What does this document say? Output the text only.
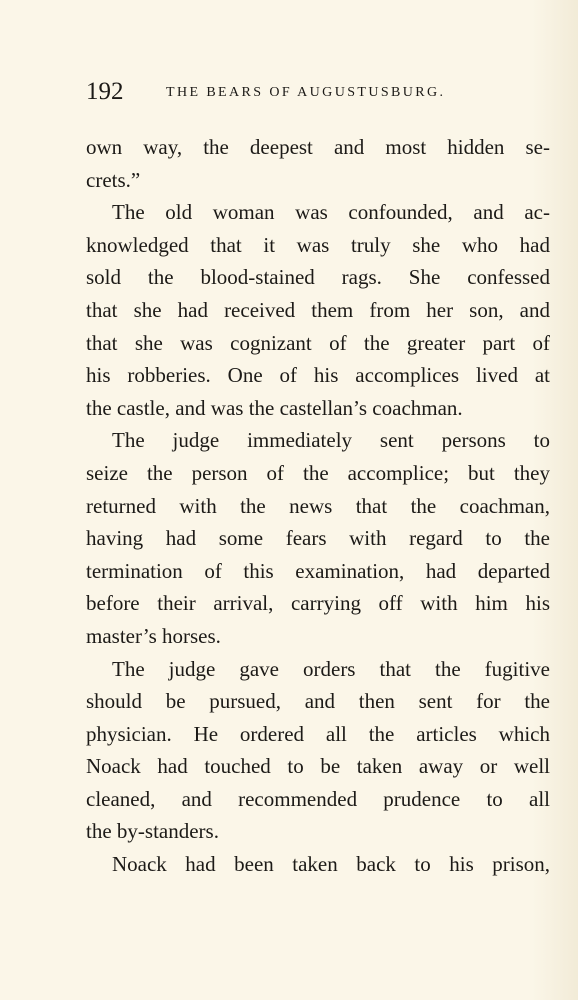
192	THE BEARS OF AUGUSTUSBURG.
own way, the deepest and most hidden se-
crets.”
The old woman was confounded, and ac-
knowledged that it was truly she who had
sold the blood-stained rags. She confessed
that she had received them from her son, and
that she was cognizant of the greater part of
his robberies. One of his accomplices lived at
the castle, and was the castellan’s coachman.
The judge immediately sent persons to
seize the person of the accomplice; but they
returned with the news that the coachman,
having had some fears with regard to the
termination of this examination, had departed
before their arrival, carrying off with him his
master’s horses.
The judge gave orders that the fugitive
should be pursued, and then sent for the
physician. He ordered all the articles which
Noack had touched to be taken away or well
cleaned, and recommended prudence to all
the by-standers.
Noack had been taken back to his prison,
